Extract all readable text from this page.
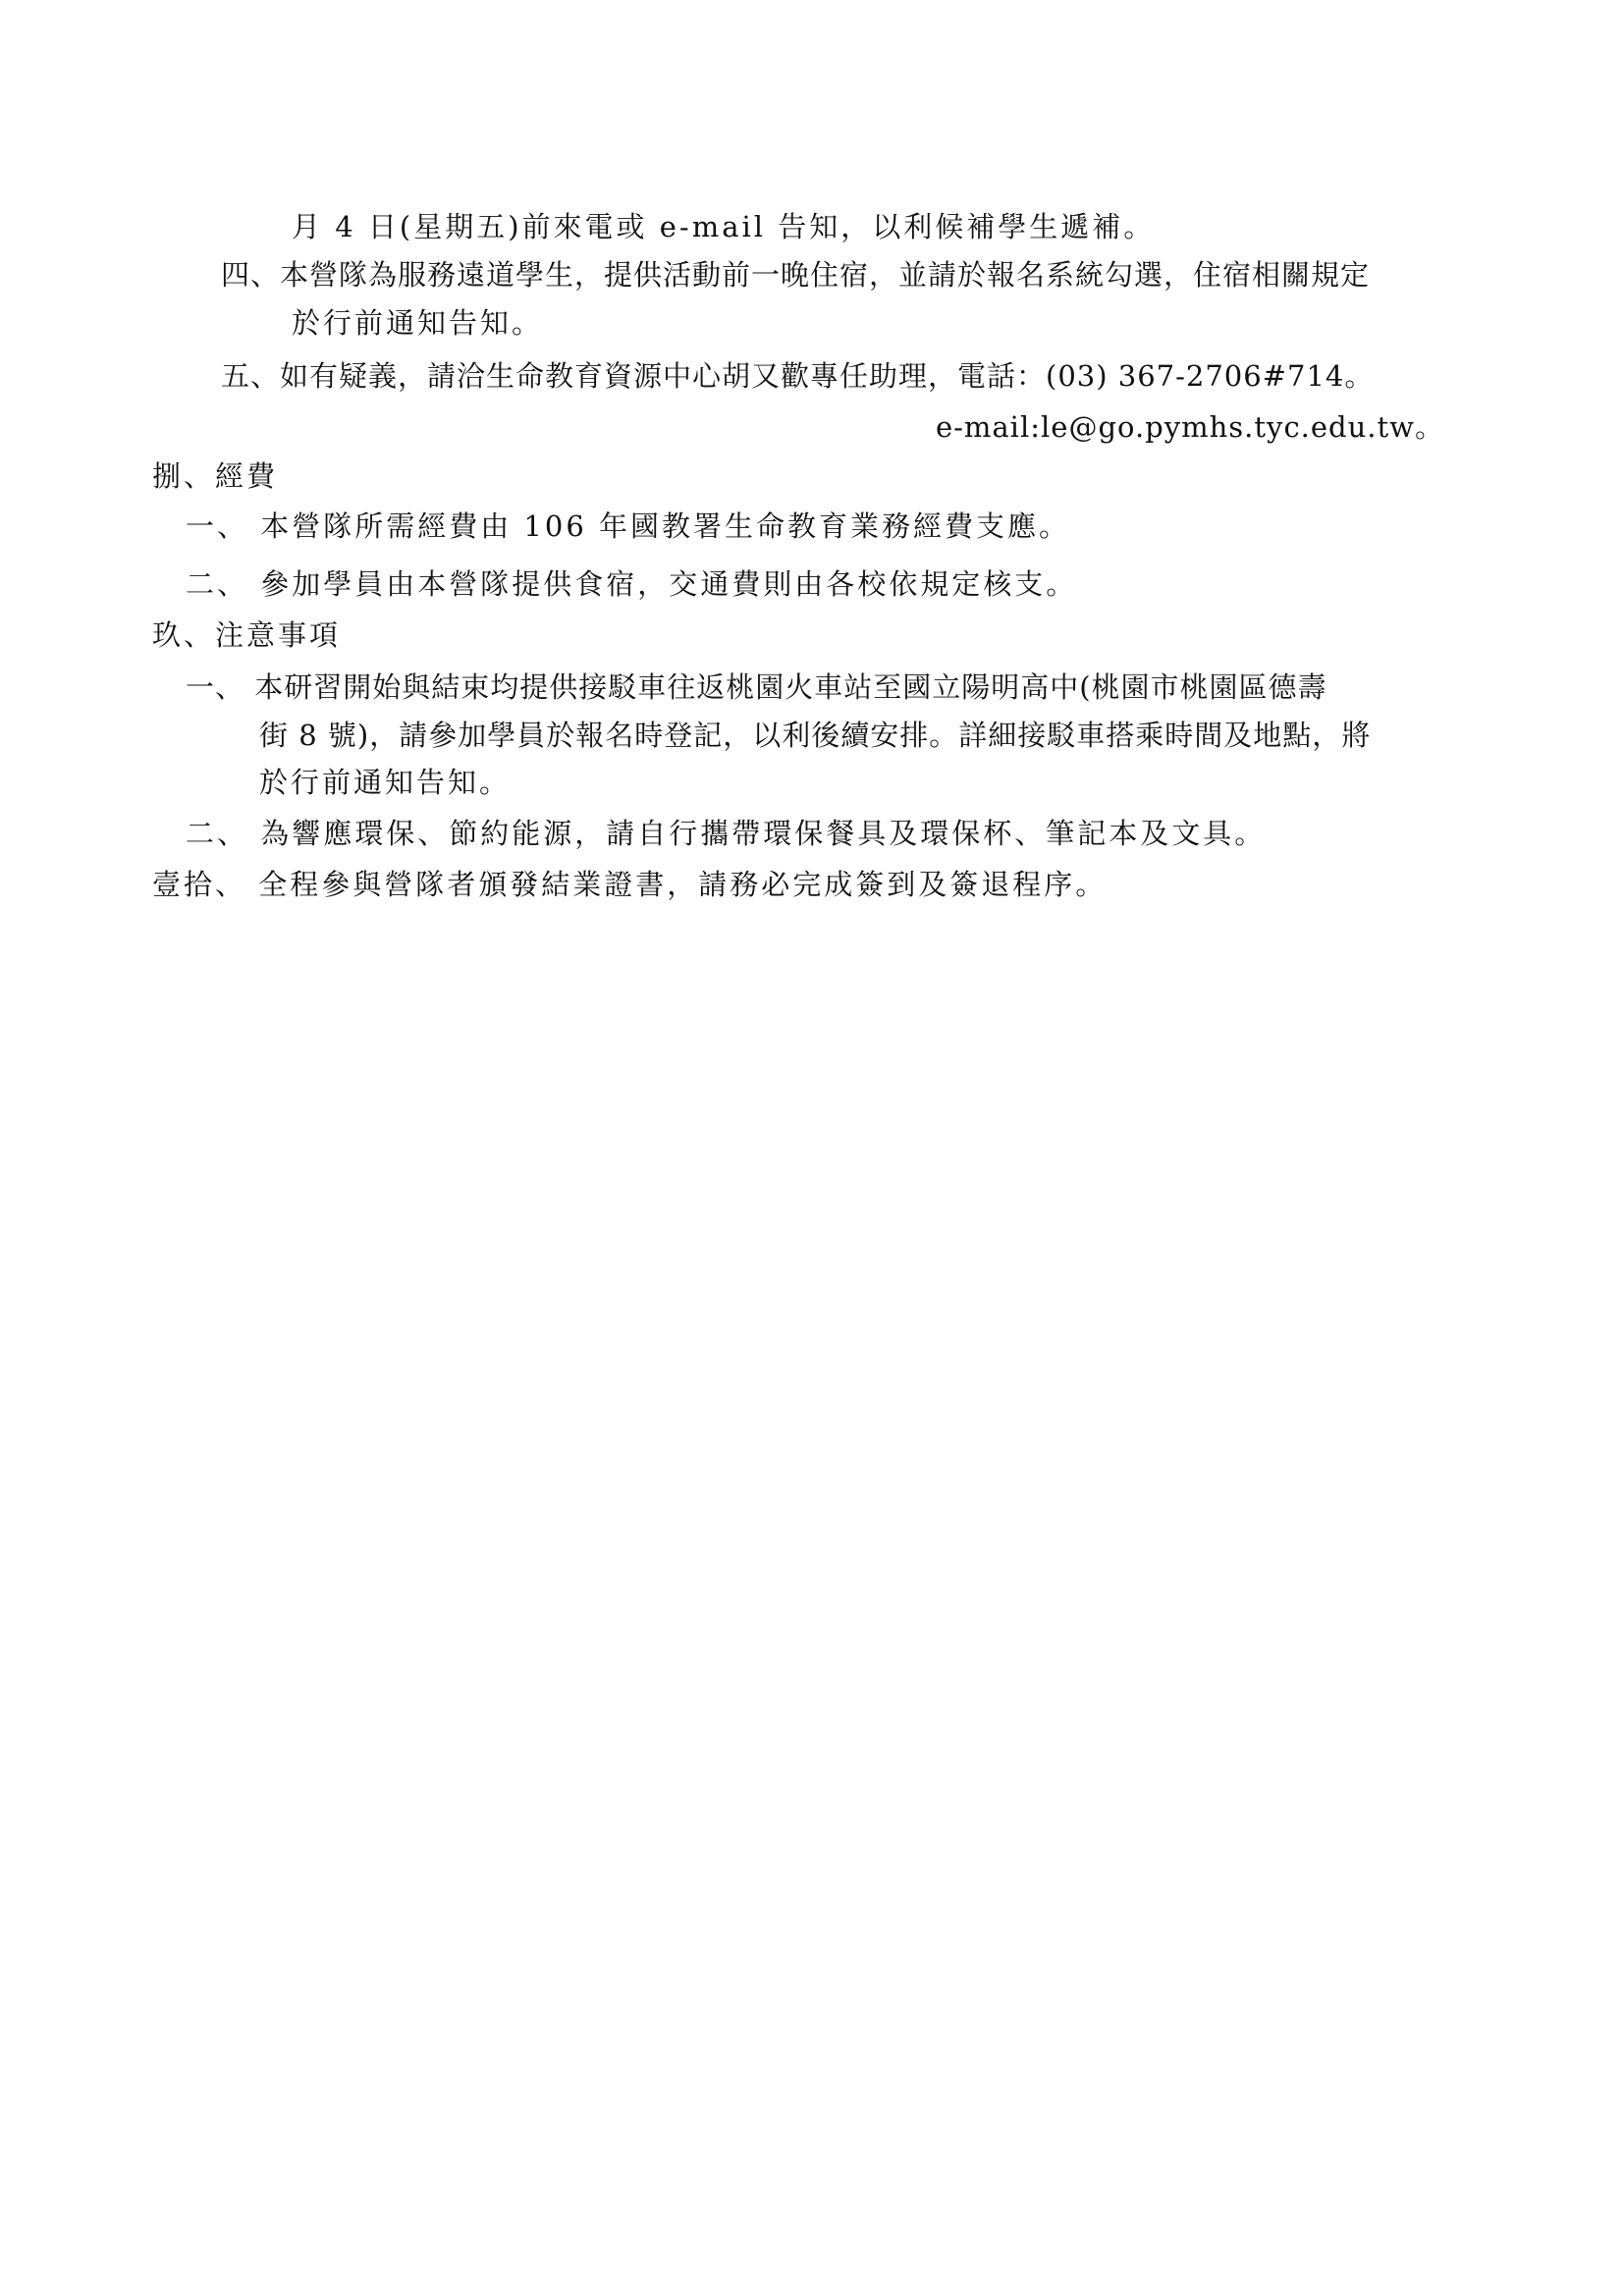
月 4 日(星期五)前來電或 e-mail 告知，以利候補學生遞補。
四、本營隊為服務遠道學生，提供活動前一晚住宿，並請於報名系統勾選，住宿相關規定
於行前通知告知。
五、如有疑義，請洽生命教育資源中心胡又歡專任助理，電話：(03) 367-2706#714。
e-mail:le@go.pymhs.tyc.edu.tw。
捌、經費
一、 本營隊所需經費由 106 年國教署生命教育業務經費支應。
二、 參加學員由本營隊提供食宿，交通費則由各校依規定核支。
玖、注意事項
一、 本研習開始與結束均提供接駁車往返桃園火車站至國立陽明高中(桃園市桃園區德壽
街 8 號)，請參加學員於報名時登記，以利後續安排。詳細接駁車搭乘時間及地點，將
於行前通知告知。
二、 為響應環保、節約能源，請自行攜帶環保餐具及環保杯、筆記本及文具。
壹拾、 全程參與營隊者頒發結業證書，請務必完成簽到及簽退程序。
